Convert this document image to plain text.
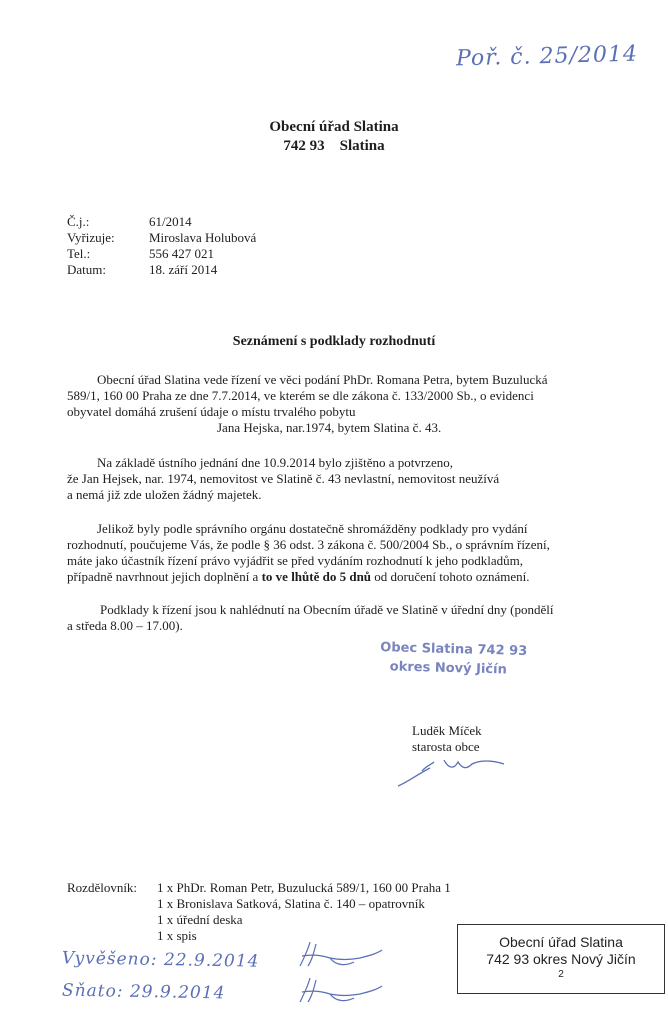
Poř. č. 25/2014
Obecní úřad Slatina
742 93 Slatina
Č.j.:	61/2014
Vyřizuje:	Miroslava Holubová
Tel.:	556 427 021
Datum:	18. září 2014
Seznámení s podklady rozhodnutí
Obecní úřad Slatina vede řízení ve věci podání PhDr. Romana Petra, bytem Buzulucká
589/1, 160 00 Praha ze dne 7.7.2014, ve kterém se dle zákona č. 133/2000 Sb., o evidenci
obyvatel domáhá zrušení údaje o místu trvalého pobytu
Jana Hejska, nar.1974, bytem Slatina č. 43.
Na základě ústního jednání dne 10.9.2014 bylo zjištěno a potvrzeno,
že Jan Hejsek, nar. 1974, nemovitost ve Slatině č. 43 nevlastní, nemovitost neužívá
a nemá již zde uložen žádný majetek.
Jelikož byly podle správního orgánu dostatečně shromážděny podklady pro vydání
rozhodnutí, poučujeme Vás, že podle § 36 odst. 3 zákona č. 500/2004 Sb., o správním řízení,
máte jako účastník řízení právo vyjádřit se před vydáním rozhodnutí k jeho podkladům,
případně navrhnout jejich doplnění a to ve lhůtě do 5 dnů od doručení tohoto oznámení.
Podklady k řízení jsou k nahlédnutí na Obecním úřadě ve Slatině v úřední dny (pondělí
a středa 8.00 – 17.00).
Obec Slatina 742 93
okres Nový Jičín
Luděk Míček
starosta obce
Rozdělovník:	1 x PhDr. Roman Petr, Buzulucká 589/1, 160 00 Praha 1
1 x Bronislava Satková, Slatina č. 140 – opatrovník
1 x úřední deska
1 x spis	Obecní úřad Slatina
742 93 okres Nový Jičín
2
Vyvěšeno: 22.9.2014
Sňato: 29.9.2014
